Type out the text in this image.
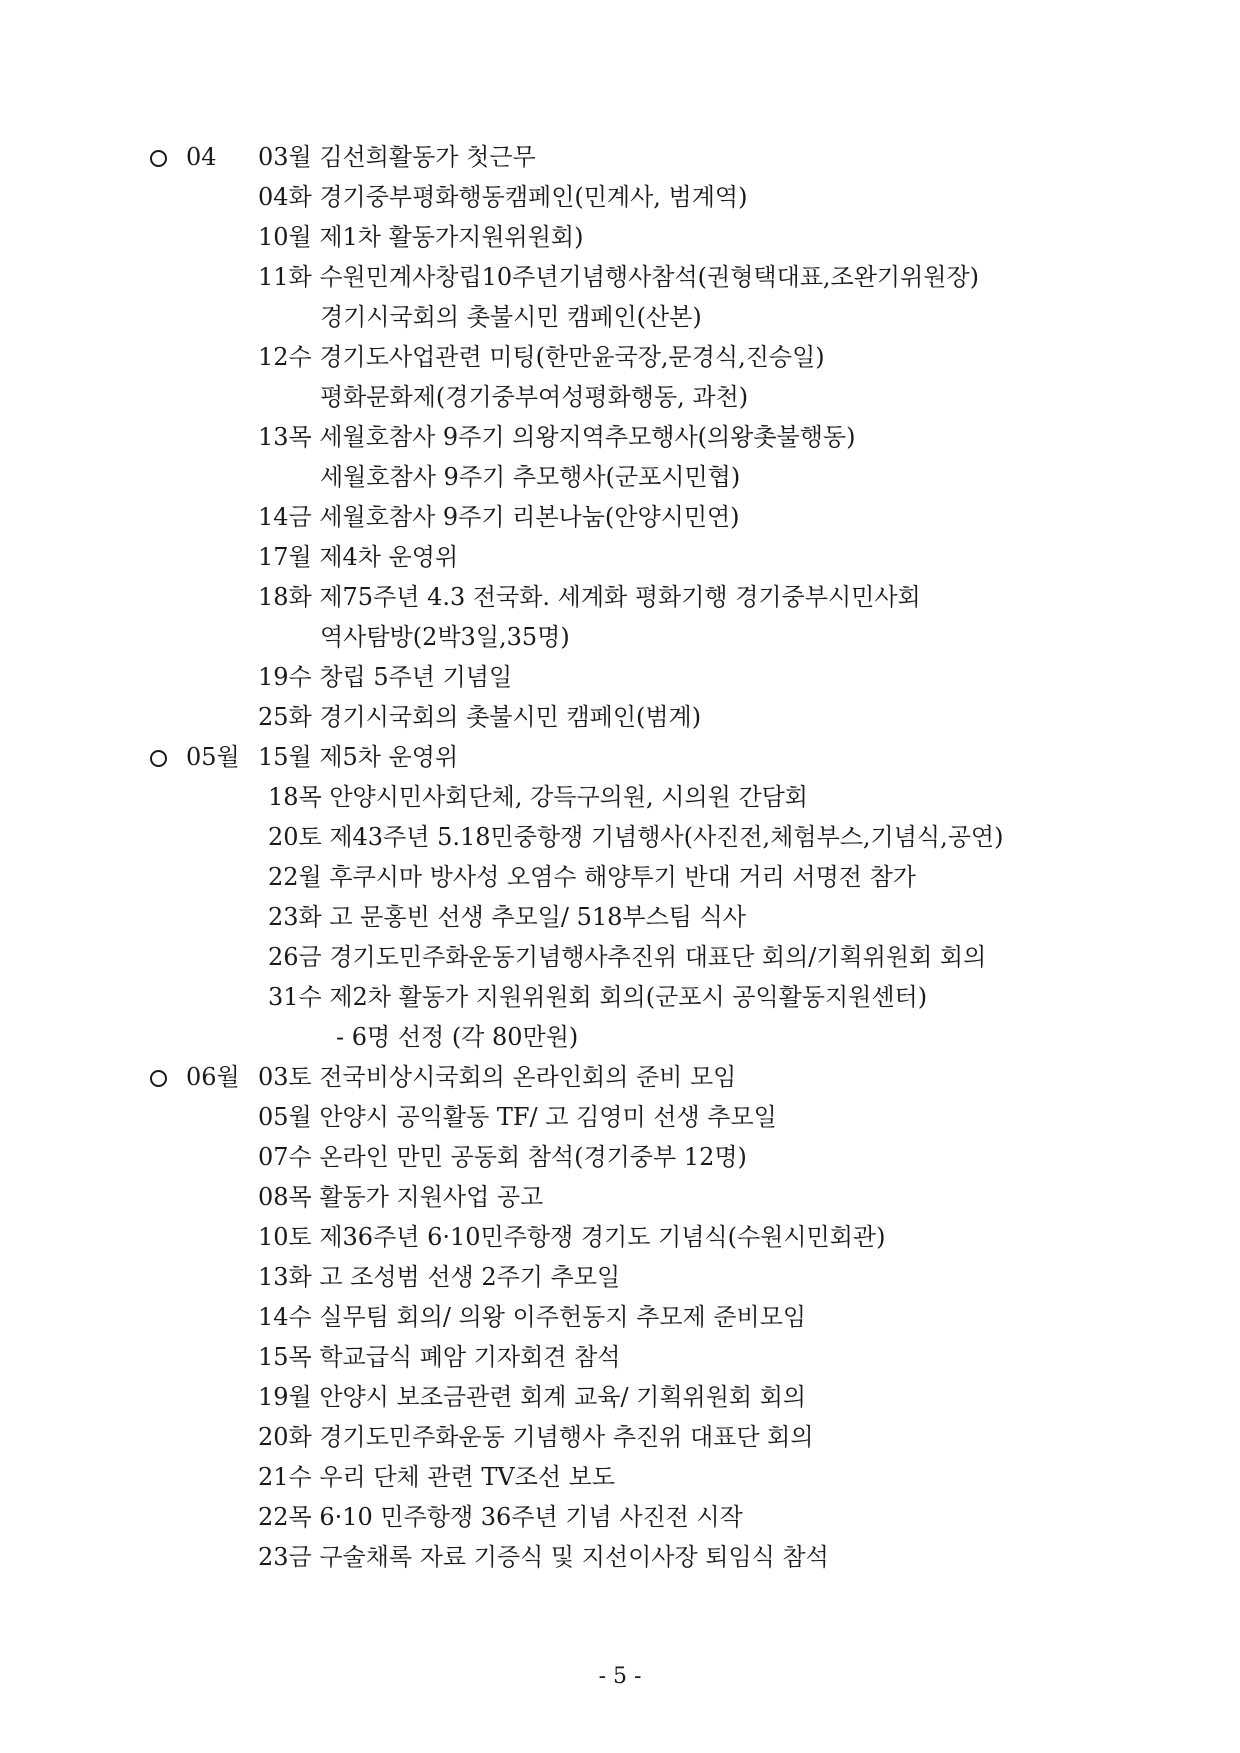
04 03월 김선희활동가 첫근무
04화 경기중부평화행동캠페인(민계사, 범계역)
10월 제1차 활동가지원위원회)
11화 수원민계사창립10주년기념행사참석(권형택대표,조완기위원장)
경기시국회의 촛불시민 캠페인(산본)
12수 경기도사업관련 미팅(한만윤국장,문경식,진승일)
평화문화제(경기중부여성평화행동, 과천)
13목 세월호참사 9주기 의왕지역추모행사(의왕촛불행동)
세월호참사 9주기 추모행사(군포시민협)
14금 세월호참사 9주기 리본나눔(안양시민연)
17월 제4차 운영위
18화 제75주년 4.3 전국화. 세계화 평화기행 경기중부시민사회
역사탐방(2박3일,35명)
19수 창립 5주년 기념일
25화 경기시국회의 촛불시민 캠페인(범계)
05월 15월 제5차 운영위
18목 안양시민사회단체, 강득구의원, 시의원 간담회
20토 제43주년 5.18민중항쟁 기념행사(사진전,체험부스,기념식,공연)
22월 후쿠시마 방사성 오염수 해양투기 반대 거리 서명전 참가
23화 고 문홍빈 선생 추모일/ 518부스팀 식사
26금 경기도민주화운동기념행사추진위 대표단 회의/기획위원회 회의
31수 제2차 활동가 지원위원회 회의(군포시 공익활동지원센터)
- 6명 선정 (각 80만원)
06월 03토 전국비상시국회의 온라인회의 준비 모임
05월 안양시 공익활동 TF/ 고 김영미 선생 추모일
07수 온라인 만민 공동회 참석(경기중부 12명)
08목 활동가 지원사업 공고
10토 제36주년 6·10민주항쟁 경기도 기념식(수원시민회관)
13화 고 조성범 선생 2주기 추모일
14수 실무팀 회의/ 의왕 이주헌동지 추모제 준비모임
15목 학교급식 폐암 기자회견 참석
19월 안양시 보조금관련 회계 교육/ 기획위원회 회의
20화 경기도민주화운동 기념행사 추진위 대표단 회의
21수 우리 단체 관련 TV조선 보도
22목 6·10 민주항쟁 36주년 기념 사진전 시작
23금 구술채록 자료 기증식 및 지선이사장 퇴임식 참석
- 5 -
